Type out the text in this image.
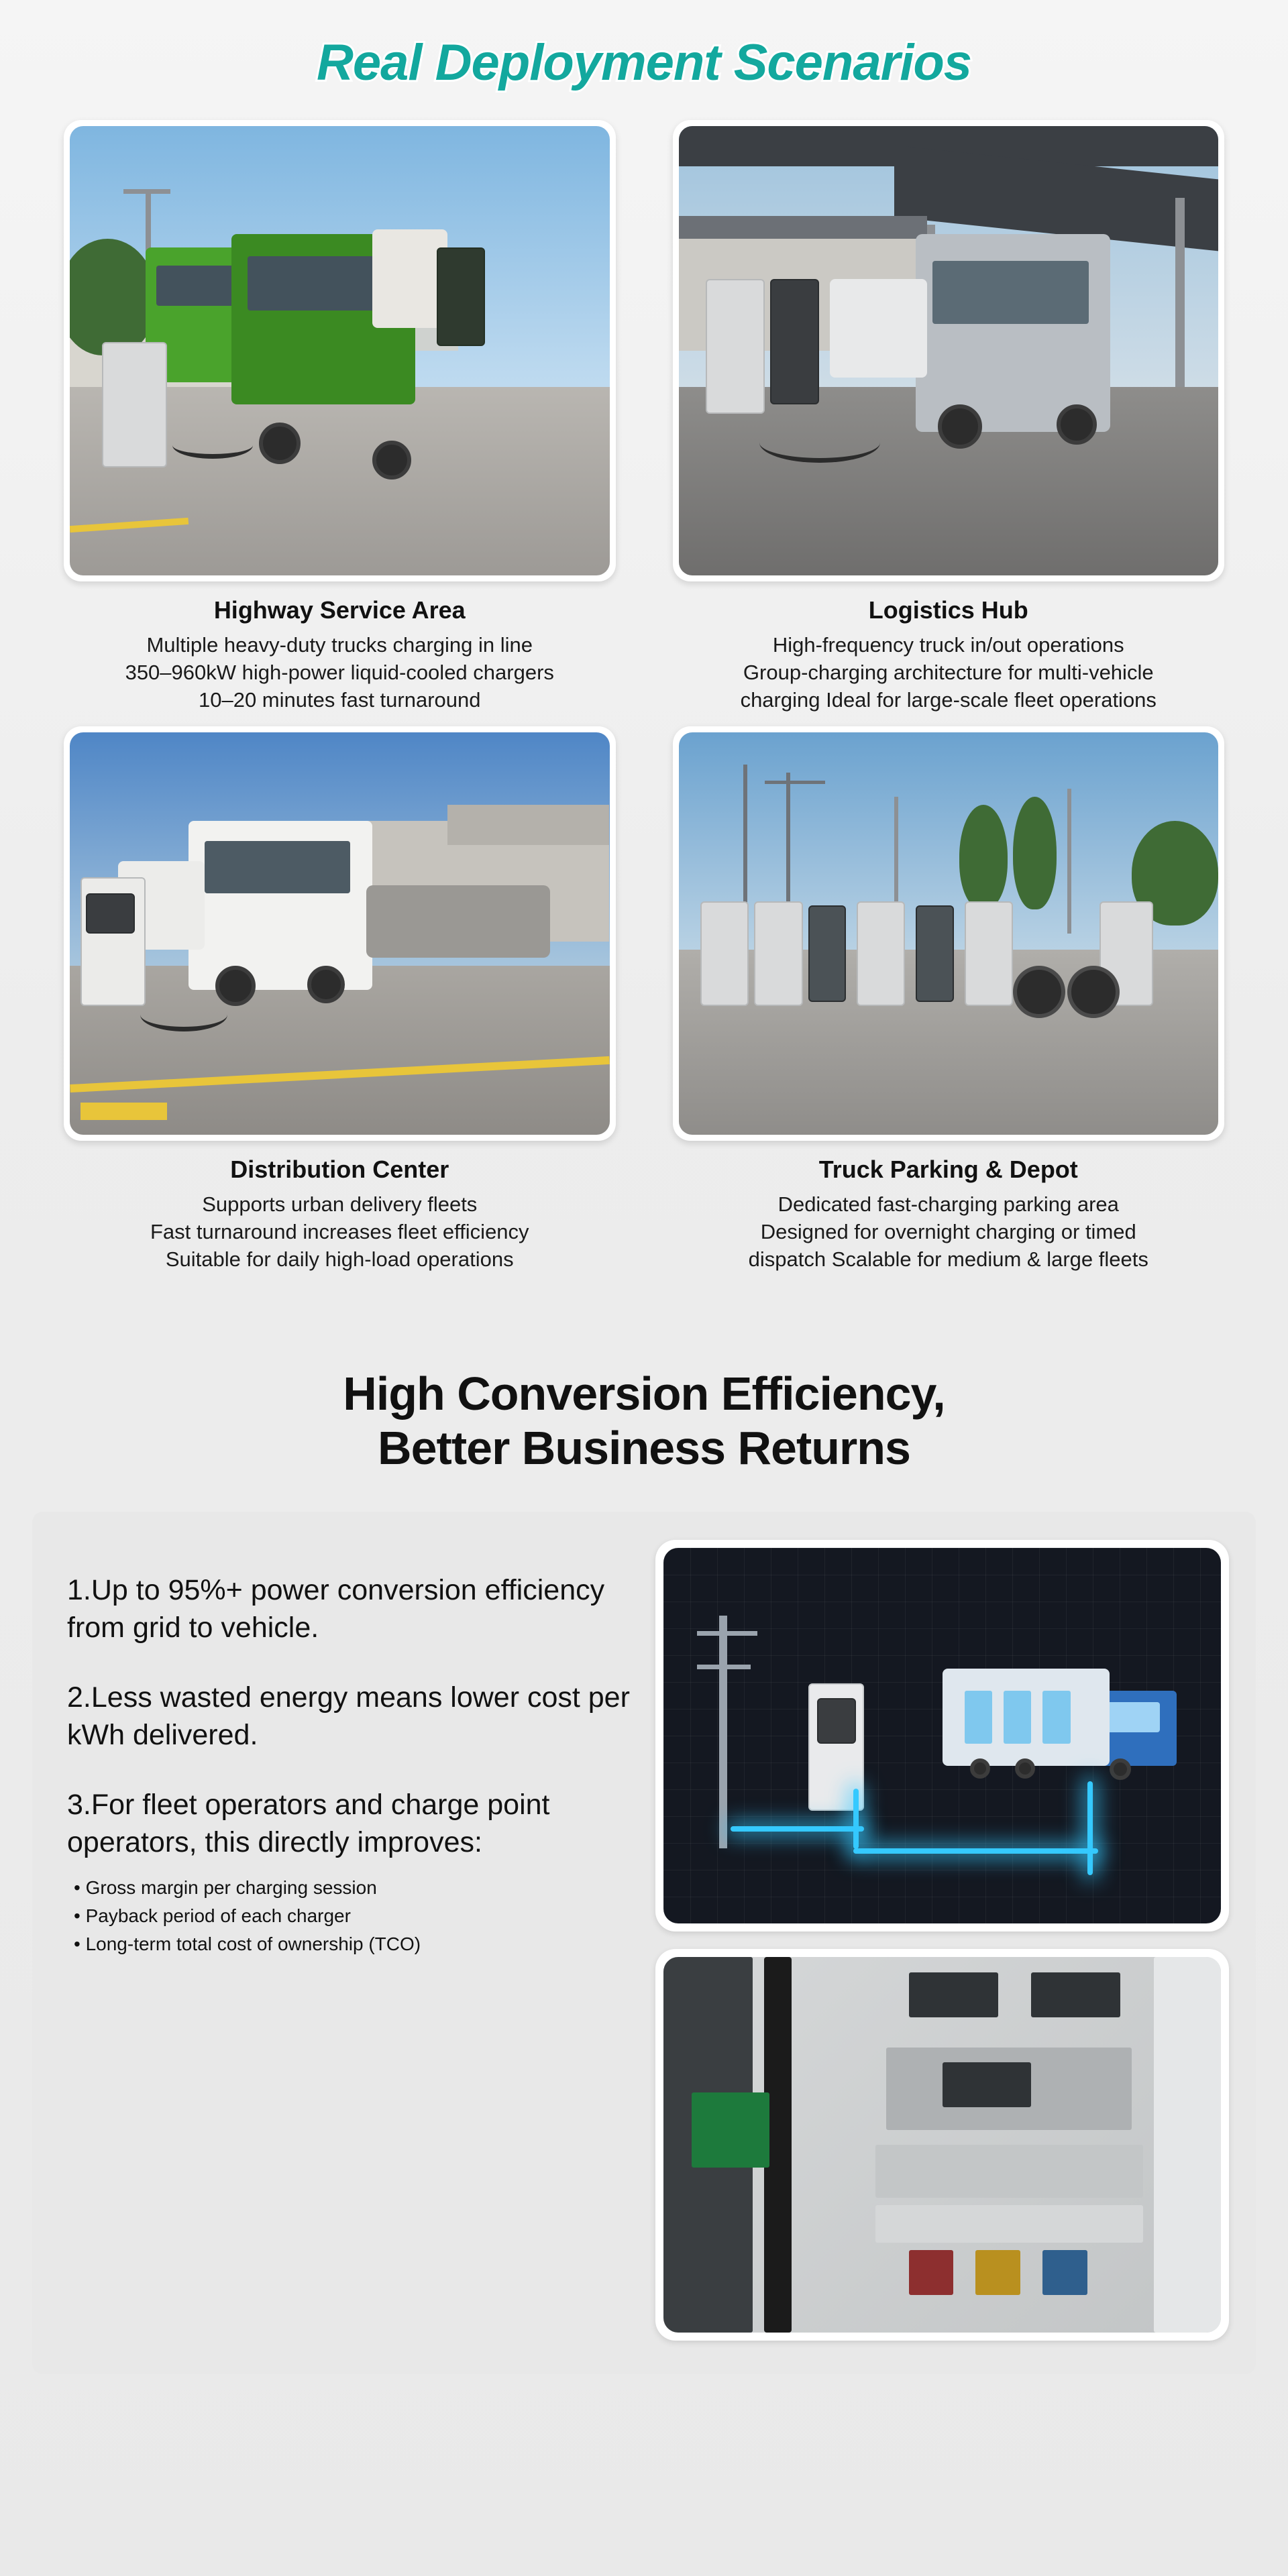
Real Deployment Scenarios
Highway Service Area
Multiple heavy-duty trucks charging in line
350–960kW high-power liquid-cooled chargers
10–20 minutes fast turnaround
Logistics Hub
High-frequency truck in/out operations
Group-charging architecture for multi-vehicle
charging Ideal for large-scale fleet operations
Distribution Center
Supports urban delivery fleets
Fast turnaround increases fleet efficiency
Suitable for daily high-load operations
Truck Parking & Depot
Dedicated fast-charging parking area
Designed for overnight charging or timed
dispatch Scalable for medium & large fleets
High Conversion Efficiency,
Better Business Returns

1.Up to 95%+ power conversion efficiency from grid to vehicle.

2.Less wasted energy means lower cost per kWh delivered.

3.For fleet operators and charge point operators, this directly improves:

• Gross margin per charging session
• Payback period of each charger
• Long-term total cost of ownership (TCO)
